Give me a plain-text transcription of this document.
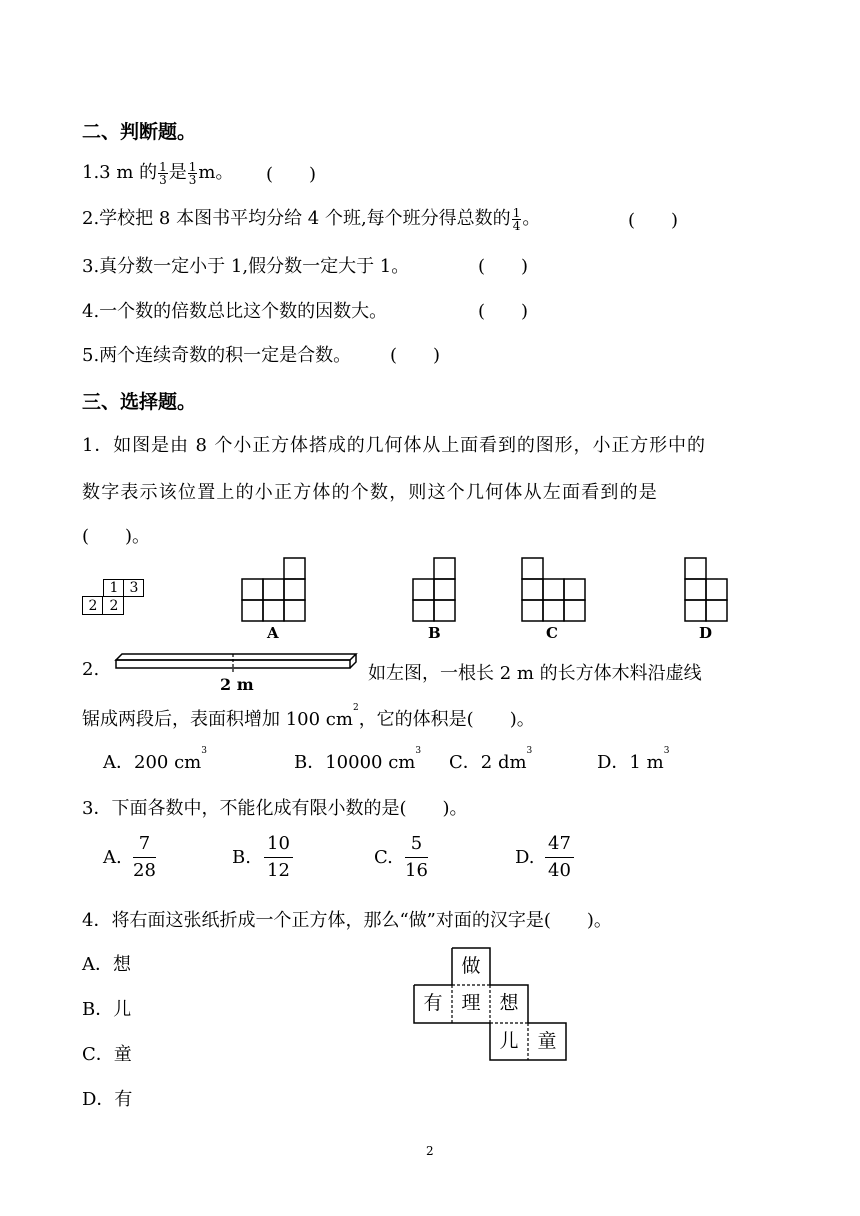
二、判断题。
1.3 m 的 $\frac{1}{3}$ 是 $\frac{1}{3}$ m。 (　　)
2.学校把 8 本图书平均分给 4 个班,每个班分得总数的 $\frac{1}{4}$ 。	(　　)
3.真分数一定小于 1,假分数一定大于 1。	(　　)
4.一个数的倍数总比这个数的因数大。	(　　)
5.两个连续奇数的积一定是合数。 (　　)
三、选择题。
1．如图是由 8 个小正方体搭成的几何体从上面看到的图形，小正方形中的
数字表示该位置上的小正方体的个数，则这个几何体从左面看到的是
(　　)。
1 3
2 2
A	B	C	D
2.
2 m
如左图，一根长 2 m 的长方体木料沿虚线
锯成两段后，表面积增加 100 $cm^2$，它的体积是(　　)。
A．200 $cm^3$
B．10000 $cm^3$
C．2 $dm^3$
D．1 $m^3$
3．下面各数中，不能化成有限小数的是(　　)。
A. $\frac{7}{28}$	B. $\frac{10}{12}$	C. $\frac{5}{16}$	D. $\frac{47}{40}$
4．将右面这张纸折成一个正方体，那么“做”对面的汉字是(　　)。
A．想
B．儿
C．童
D．有
做
有 理 想
儿 童
2
